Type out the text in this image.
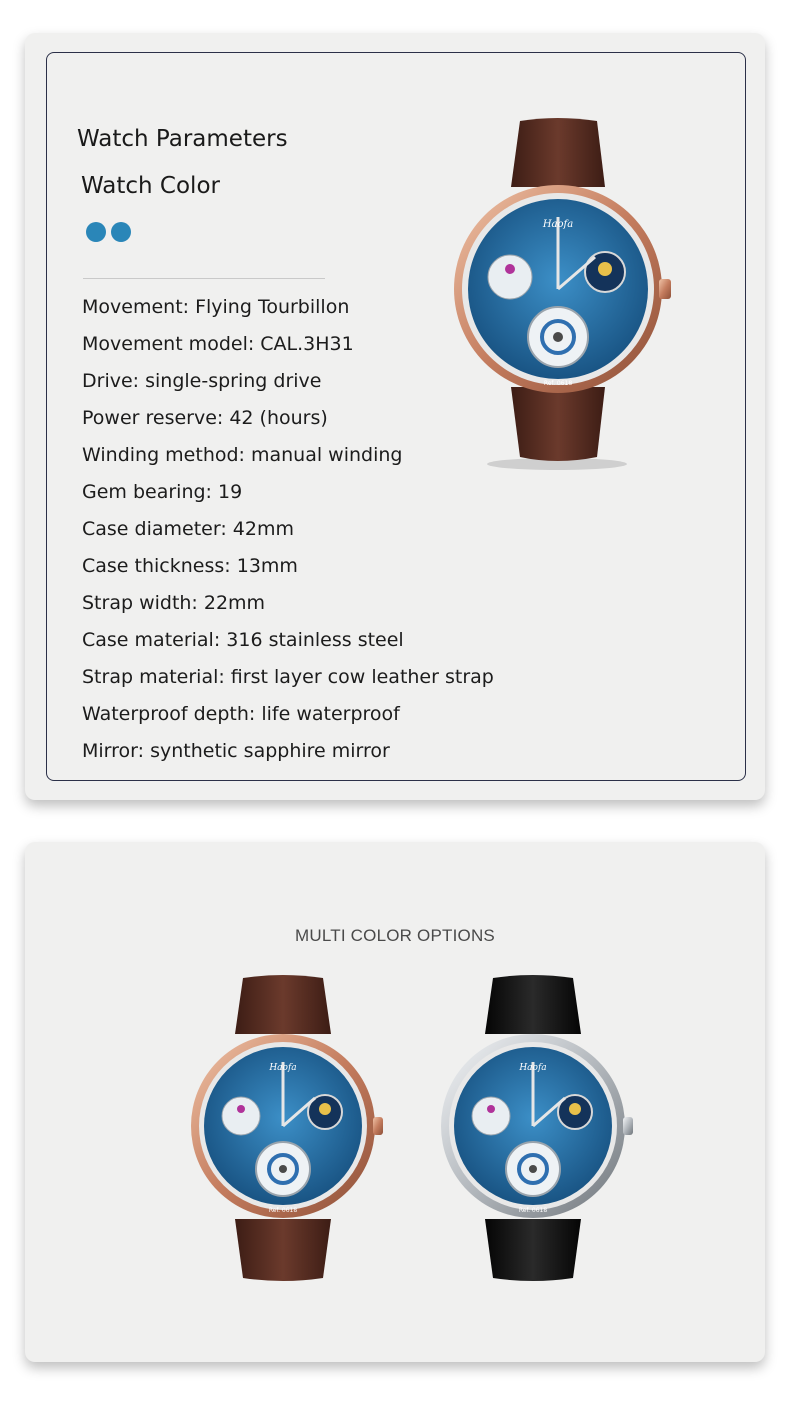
Watch Parameters
Watch Color
Movement: Flying Tourbillon
Movement model: CAL.3H31
Drive: single-spring drive
Power reserve: 42 (hours)
Winding method: manual winding
Gem bearing: 19
Case diameter: 42mm
Case thickness: 13mm
Strap width: 22mm
Case material: 316 stainless steel
Strap material: first layer cow leather strap
Waterproof depth: life waterproof
Mirror: synthetic sapphire mirror
Haofa
Ref. 0618
MULTI COLOR OPTIONS
Haofa
Ref. 0618
Haofa
Ref. 0618
